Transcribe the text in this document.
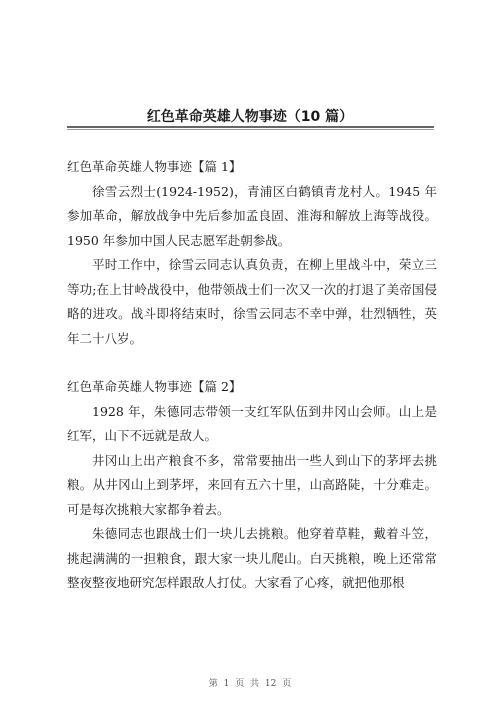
红色革命英雄人物事迹（10 篇）

红色革命英雄人物事迹【篇 1】

徐雪云烈士(1924-1952)，青浦区白鹤镇青龙村人。1945 年参加革命，解放战争中先后参加孟良固、淮海和解放上海等战役。1950 年参加中国人民志愿军赴朝参战。

平时工作中，徐雪云同志认真负责，在柳上里战斗中，荣立三等功;在上甘岭战役中，他带领战士们一次又一次的打退了美帝国侵略的进攻。战斗即将结束时，徐雪云同志不幸中弹，壮烈牺牲，英年二十八岁。

红色革命英雄人物事迹【篇 2】

1928 年，朱德同志带领一支红军队伍到井冈山会师。山上是红军，山下不远就是敌人。

井冈山上出产粮食不多，常常要抽出一些人到山下的茅坪去挑粮。从井冈山上到茅坪，来回有五六十里，山高路陡，十分难走。可是每次挑粮大家都争着去。

朱德同志也跟战士们一块儿去挑粮。他穿着草鞋，戴着斗笠，挑起满满的一担粮食，跟大家一块儿爬山。白天挑粮，晚上还常常整夜整夜地研究怎样跟敌人打仗。大家看了心疼，就把他那根

第 1 页 共 12 页
